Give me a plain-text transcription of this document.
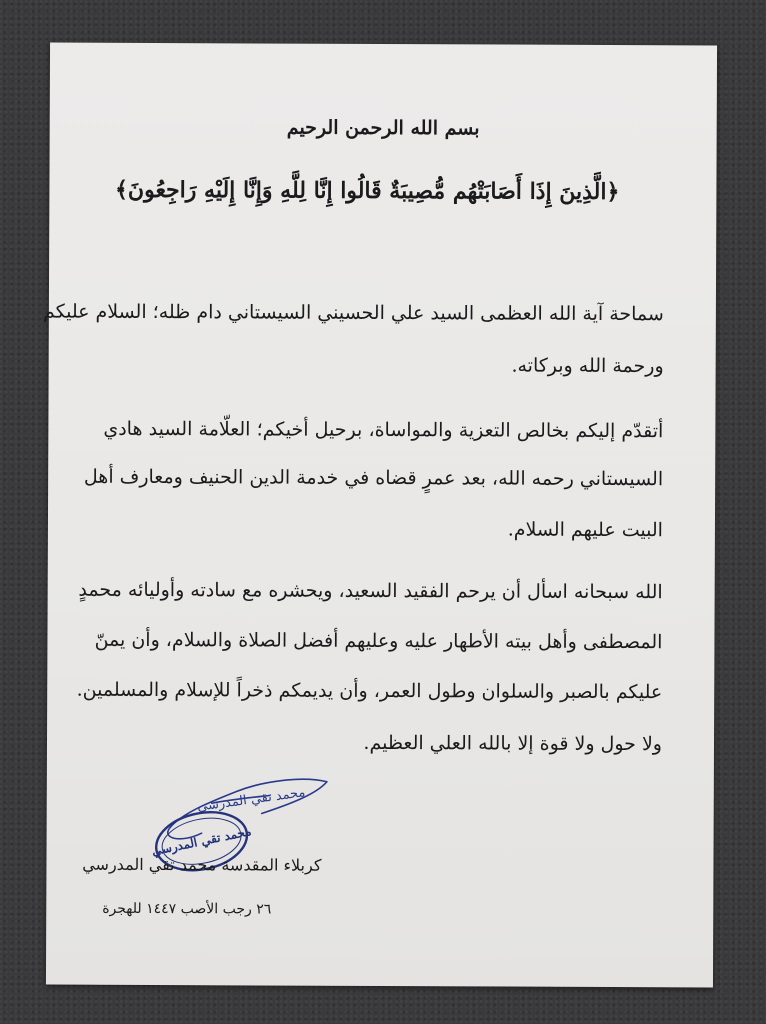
بسم الله الرحمن الرحيم
﴿الَّذِينَ إِذَا أَصَابَتْهُم مُّصِيبَةٌ قَالُوا إِنَّا لِلَّهِ وَإِنَّا إِلَيْهِ رَاجِعُونَ﴾
سماحة آية الله العظمى السيد علي الحسيني السيستاني دام ظله؛ السلام عليكم
ورحمة الله وبركاته.
أتقدّم إليكم بخالص التعزية والمواساة، برحيل أخيكم؛ العلّامة السيد هادي
السيستاني رحمه الله، بعد عمرٍ قضاه في خدمة الدين الحنيف ومعارف أهل
البيت عليهم السلام.
الله سبحانه اسأل أن يرحم الفقيد السعيد، ويحشره مع سادته وأوليائه محمدٍ
المصطفى وأهل بيته الأطهار عليه وعليهم أفضل الصلاة والسلام، وأن يمنّ
عليكم بالصبر والسلوان وطول العمر، وأن يديمكم ذخراً للإسلام والمسلمين.
ولا حول ولا قوة إلا بالله العلي العظيم.
محمد تقي المدرسي
محمد تقي المدرسي
كربلاء المقدسة محمد تقي المدرسي
٢٦ رجب الأصب ١٤٤٧ للهجرة
